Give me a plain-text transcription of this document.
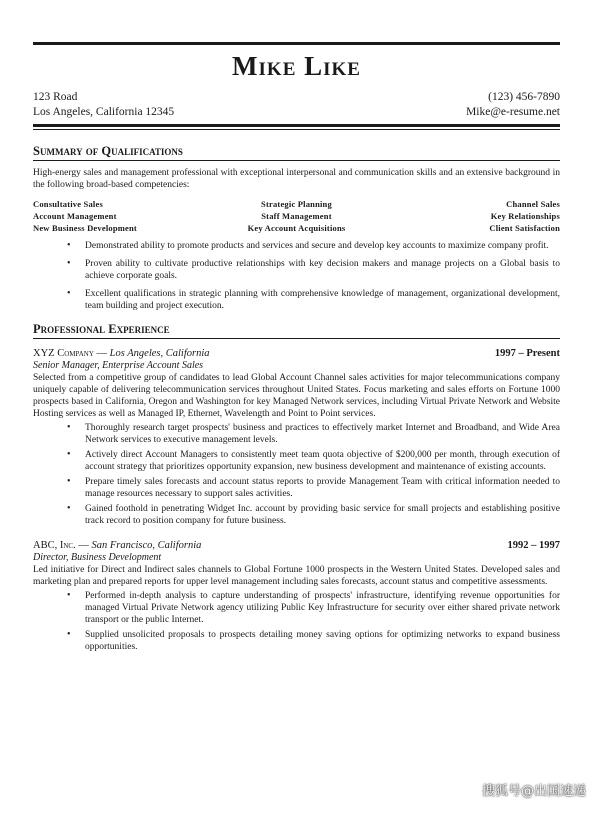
Mike Like
123 Road
Los Angeles, California 12345
(123) 456-7890
Mike@e-resume.net
Summary of Qualifications
High-energy sales and management professional with exceptional interpersonal and communication skills and an extensive background in the following broad-based competencies:
Consultative Sales	Strategic Planning	Channel Sales
Account Management	Staff Management	Key Relationships
New Business Development	Key Account Acquisitions	Client Satisfaction
• Demonstrated ability to promote products and services and secure and develop key accounts to maximize company profit.
• Proven ability to cultivate productive relationships with key decision makers and manage projects on a Global basis to achieve corporate goals.
• Excellent qualifications in strategic planning with comprehensive knowledge of management, organizational development, team building and project execution.
Professional Experience
XYZ Company — Los Angeles, California	1997 – Present
Senior Manager, Enterprise Account Sales
Selected from a competitive group of candidates to lead Global Account Channel sales activities for major telecommunications company uniquely capable of delivering telecommunication services throughout United States. Focus marketing and sales efforts on Fortune 1000 prospects based in California, Oregon and Washington for key Managed Network services, including Virtual Private Network and Website Hosting services as well as Managed IP, Ethernet, Wavelength and Point to Point services.
• Thoroughly research target prospects' business and practices to effectively market Internet and Broadband, and Wide Area Network services to executive management levels.
• Actively direct Account Managers to consistently meet team quota objective of $200,000 per month, through execution of account strategy that prioritizes opportunity expansion, new business development and maintenance of existing accounts.
• Prepare timely sales forecasts and account status reports to provide Management Team with critical information needed to manage resources necessary to support sales activities.
• Gained foothold in penetrating Widget Inc. account by providing basic service for small projects and establishing positive track record to position company for future business.
ABC, Inc. — San Francisco, California	1992 – 1997
Director, Business Development
Led initiative for Direct and Indirect sales channels to Global Fortune 1000 prospects in the Western United States. Developed sales and marketing plan and prepared reports for upper level management including sales forecasts, account status and competitive assessments.
• Performed in-depth analysis to capture understanding of prospects' infrastructure, identifying revenue opportunities for managed Virtual Private Network agency utilizing Public Key Infrastructure for security over either shared private network transport or the public Internet.
• Supplied unsolicited proposals to prospects detailing money saving options for optimizing networks to expand business opportunities.
搜狐号@出国速递
